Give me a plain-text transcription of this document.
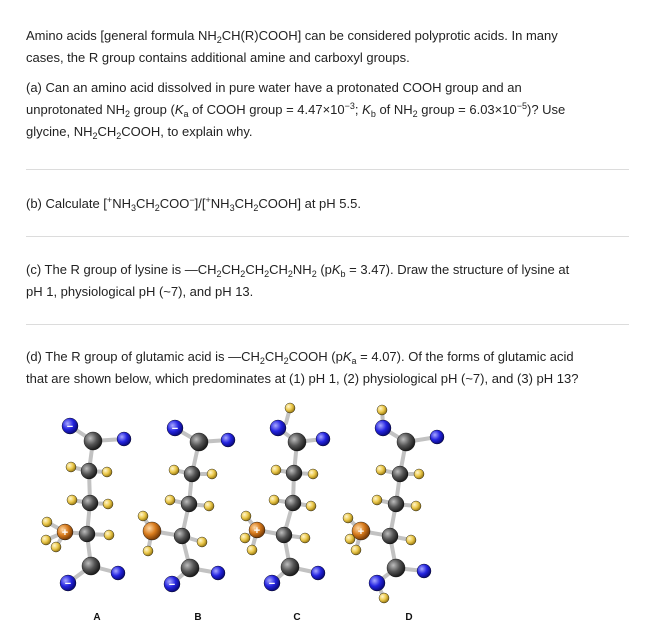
Amino acids [general formula $NH_2CH(R)COOH$] can be considered polyprotic acids. In many
cases, the R group contains additional amine and carboxyl groups.
(a) Can an amino acid dissolved in pure water have a protonated COOH group and an
unprotonated $NH_2$ group ($K_a$ of COOH group = $4.47\times 10^{-3}$; $K_b$ of $NH_2$ group = $6.03\times 10^{-5}$)? Use
glycine, $NH_2CH_2COOH$, to explain why.
(b) Calculate $[^+NH_3CH_2COO^-]/[^+NH_3CH_2COOH]$ at pH 5.5.
(c) The R group of lysine is $—CH_2CH_2CH_2CH_2NH_2$ $(pK_b = 3.47)$. Draw the structure of lysine at
pH 1, physiological pH (~7), and pH 13.
(d) The R group of glutamic acid is $—CH_2CH_2COOH$ $(pK_a = 4.07)$. Of the forms of glutamic acid
that are shown below, which predominates at (1) pH 1, (2) physiological pH (~7), and (3) pH 13?
−
+
−
A
−
−
B
+
−
C
+
D
